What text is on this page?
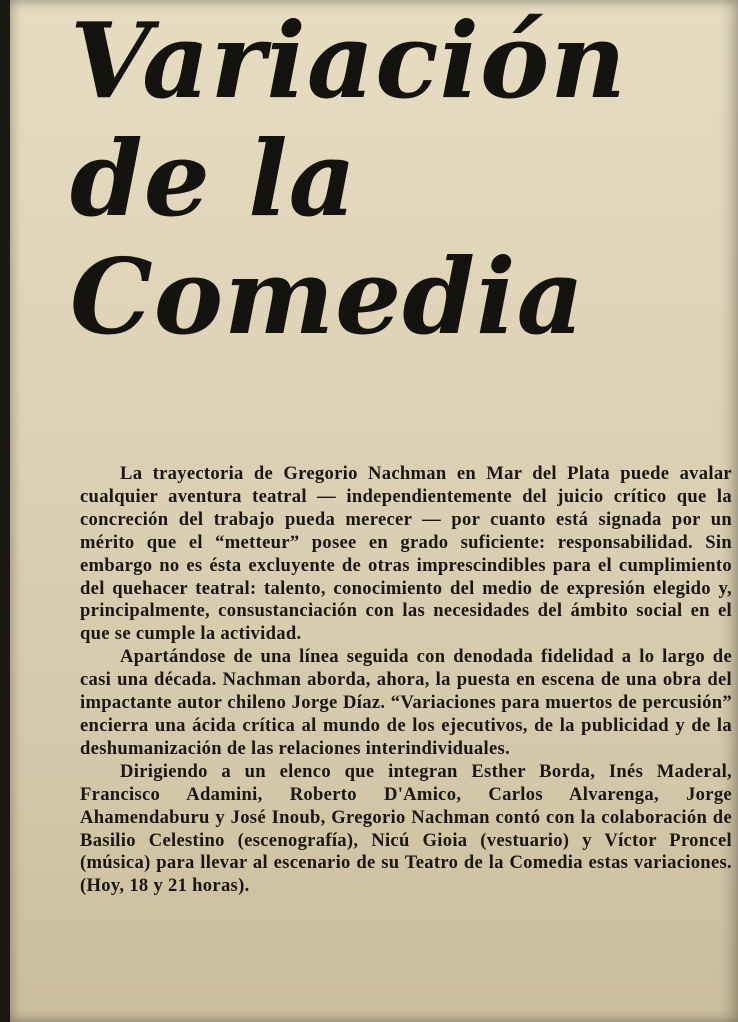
Variación
de la
Comedia

La trayectoria de Gregorio Nachman en Mar del Plata puede avalar cualquier aventura teatral — independientemente del juicio crítico que la concreción del trabajo pueda merecer — por cuanto está signada por un mérito que el “metteur” posee en grado suficiente: responsabilidad. Sin embargo no es ésta excluyente de otras imprescindibles para el cumplimiento del quehacer teatral: talento, conocimiento del medio de expresión elegido y, principalmente, consustanciación con las necesidades del ámbito social en el que se cumple la actividad.

Apartándose de una línea seguida con denodada fidelidad a lo largo de casi una década. Nachman aborda, ahora, la puesta en escena de una obra del impactante autor chileno Jorge Díaz. “Variaciones para muertos de percusión” encierra una ácida crítica al mundo de los ejecutivos, de la publicidad y de la deshumanización de las relaciones interindividuales.

Dirigiendo a un elenco que integran Esther Borda, Inés Maderal, Francisco Adamini, Roberto D'Amico, Carlos Alvarenga, Jorge Ahamendaburu y José Inoub, Gregorio Nachman contó con la colaboración de Basilio Celestino (escenografía), Nicú Gioia (vestuario) y Víctor Proncel (música) para llevar al escenario de su Teatro de la Comedia estas variaciones. (Hoy, 18 y 21 horas).
